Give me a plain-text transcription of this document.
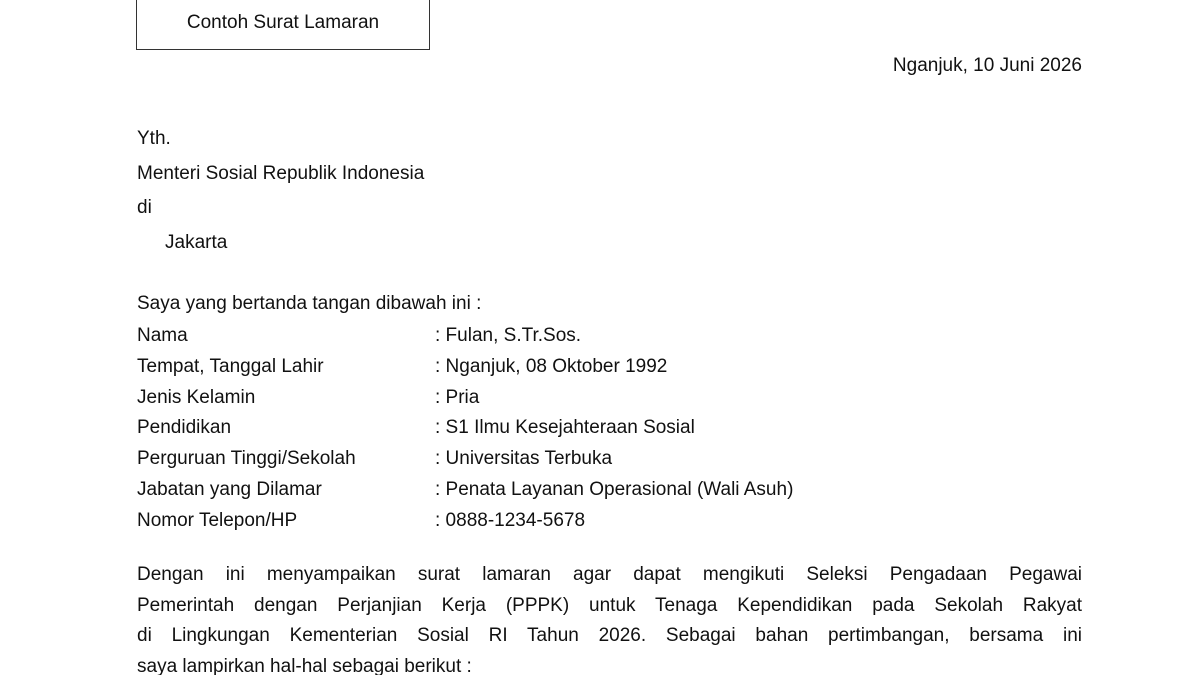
Contoh Surat Lamaran
Nganjuk, 10 Juni 2026
Yth.
Menteri Sosial Republik Indonesia
di
Jakarta
Saya yang bertanda tangan dibawah ini :
Nama	: Fulan, S.Tr.Sos.
Tempat, Tanggal Lahir	: Nganjuk, 08 Oktober 1992
Jenis Kelamin	: Pria
Pendidikan	: S1 Ilmu Kesejahteraan Sosial
Perguruan Tinggi/Sekolah	: Universitas Terbuka
Jabatan yang Dilamar	: Penata Layanan Operasional (Wali Asuh)
Nomor Telepon/HP	: 0888-1234-5678
Dengan ini menyampaikan surat lamaran agar dapat mengikuti Seleksi Pengadaan Pegawai
Pemerintah dengan Perjanjian Kerja (PPPK) untuk Tenaga Kependidikan pada Sekolah Rakyat
di Lingkungan Kementerian Sosial RI Tahun 2026. Sebagai bahan pertimbangan, bersama ini
saya lampirkan hal-hal sebagai berikut :
